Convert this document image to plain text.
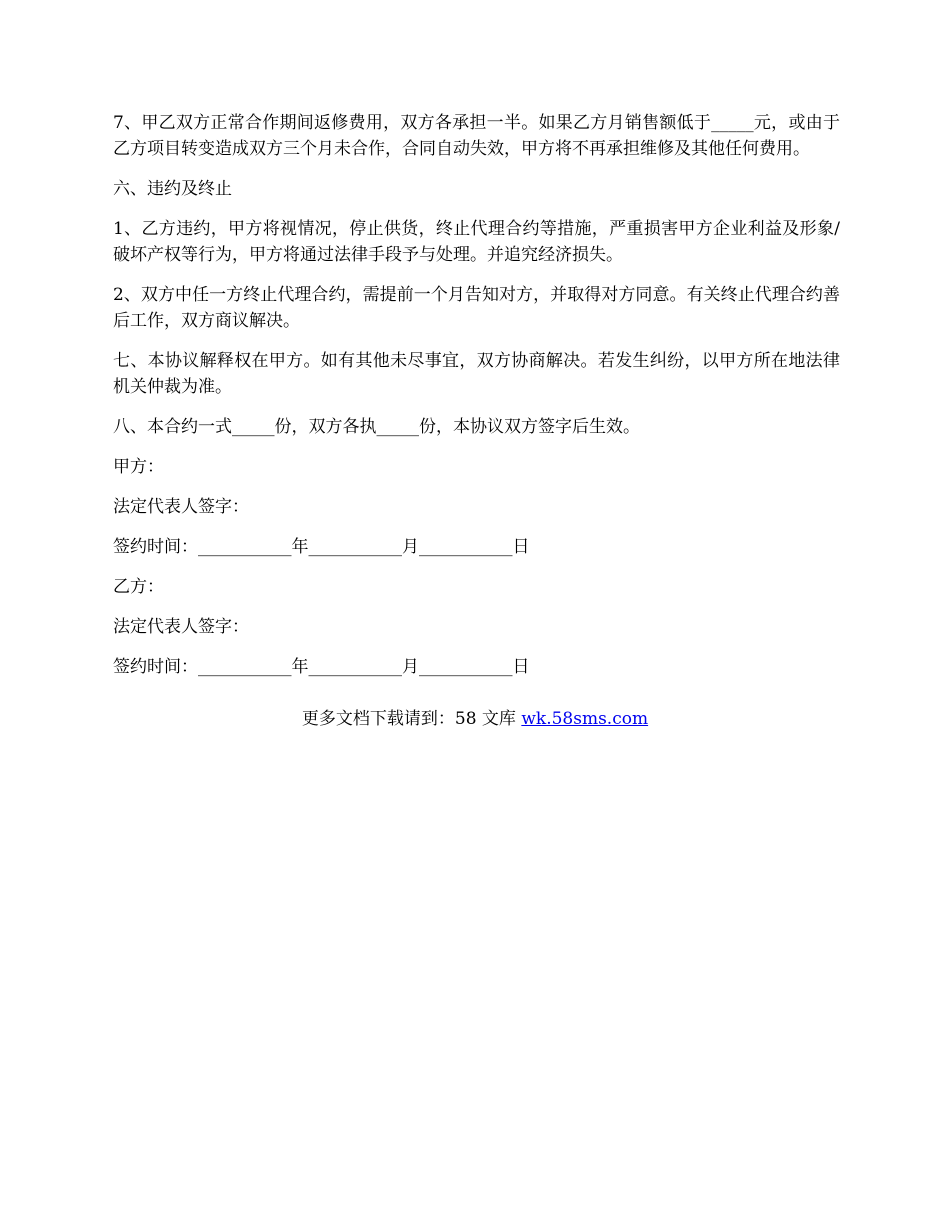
7、甲乙双方正常合作期间返修费用，双方各承担一半。如果乙方月销售额低于_____元，或由于乙方项目转变造成双方三个月未合作，合同自动失效，甲方将不再承担维修及其他任何费用。

六、违约及终止

1、乙方违约，甲方将视情况，停止供货，终止代理合约等措施，严重损害甲方企业利益及形象/破坏产权等行为，甲方将通过法律手段予与处理。并追究经济损失。

2、双方中任一方终止代理合约，需提前一个月告知对方，并取得对方同意。有关终止代理合约善后工作，双方商议解决。

七、本协议解释权在甲方。如有其他未尽事宜，双方协商解决。若发生纠纷，以甲方所在地法律机关仲裁为准。

八、本合约一式_____份，双方各执_____份，本协议双方签字后生效。

甲方：

法定代表人签字：

签约时间：___________年___________月___________日

乙方：

法定代表人签字：

签约时间：___________年___________月___________日

更多文档下载请到：58 文库 wk.58sms.com
